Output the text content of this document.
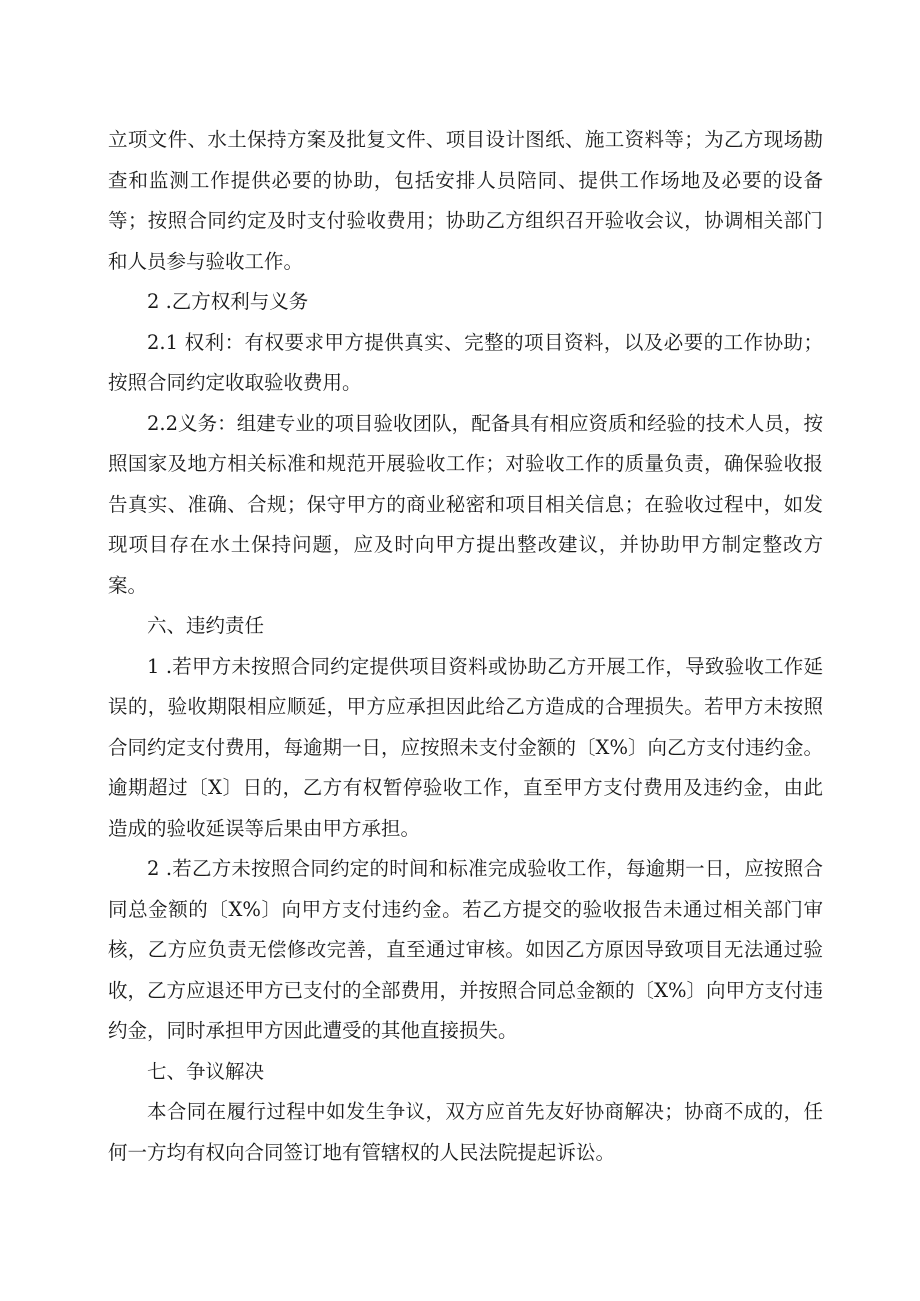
立项文件、水土保持方案及批复文件、项目设计图纸、施工资料等；为乙方现场勘查和监测工作提供必要的协助，包括安排人员陪同、提供工作场地及必要的设备等；按照合同约定及时支付验收费用；协助乙方组织召开验收会议，协调相关部门和人员参与验收工作。

2 .乙方权利与义务

2.1 权利：有权要求甲方提供真实、完整的项目资料，以及必要的工作协助；按照合同约定收取验收费用。

2.2义务：组建专业的项目验收团队，配备具有相应资质和经验的技术人员，按照国家及地方相关标准和规范开展验收工作；对验收工作的质量负责，确保验收报告真实、准确、合规；保守甲方的商业秘密和项目相关信息；在验收过程中，如发现项目存在水土保持问题，应及时向甲方提出整改建议，并协助甲方制定整改方案。

六、违约责任

1 .若甲方未按照合同约定提供项目资料或协助乙方开展工作，导致验收工作延误的，验收期限相应顺延，甲方应承担因此给乙方造成的合理损失。若甲方未按照合同约定支付费用，每逾期一日，应按照未支付金额的〔X%〕向乙方支付违约金。逾期超过〔X〕日的，乙方有权暂停验收工作，直至甲方支付费用及违约金，由此造成的验收延误等后果由甲方承担。

2 .若乙方未按照合同约定的时间和标准完成验收工作，每逾期一日，应按照合同总金额的〔X%〕向甲方支付违约金。若乙方提交的验收报告未通过相关部门审核，乙方应负责无偿修改完善，直至通过审核。如因乙方原因导致项目无法通过验收，乙方应退还甲方已支付的全部费用，并按照合同总金额的〔X%〕向甲方支付违约金，同时承担甲方因此遭受的其他直接损失。

七、争议解决

本合同在履行过程中如发生争议，双方应首先友好协商解决；协商不成的，任何一方均有权向合同签订地有管辖权的人民法院提起诉讼。
